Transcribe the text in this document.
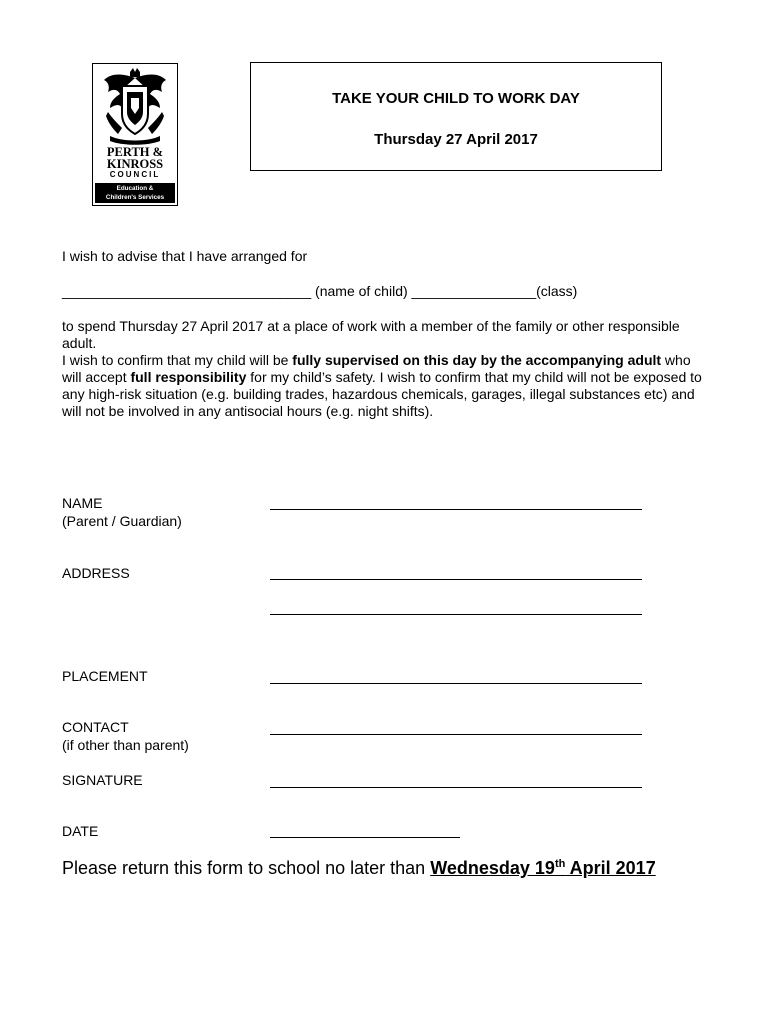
PERTH &
KINROSS
COUNCIL
Education &
Children's Services
TAKE YOUR CHILD TO WORK DAY
Thursday 27 April 2017
I wish to advise that I have arranged for
________________________________ (name of child) ________________(class)

to spend Thursday 27 April 2017 at a place of work with a member of the family or other responsible adult.

I wish to confirm that my child will be fully supervised on this day by the accompanying adult who will accept full responsibility for my child’s safety. I wish to confirm that my child will not be exposed to any high-risk situation (e.g. building trades, hazardous chemicals, garages, illegal substances etc) and will not be involved in any antisocial hours (e.g. night shifts).

NAME
(Parent / Guardian)
ADDRESS
PLACEMENT
CONTACT
(if other than parent)
SIGNATURE
DATE
Please return this form to school no later than Wednesday 19th April 2017
